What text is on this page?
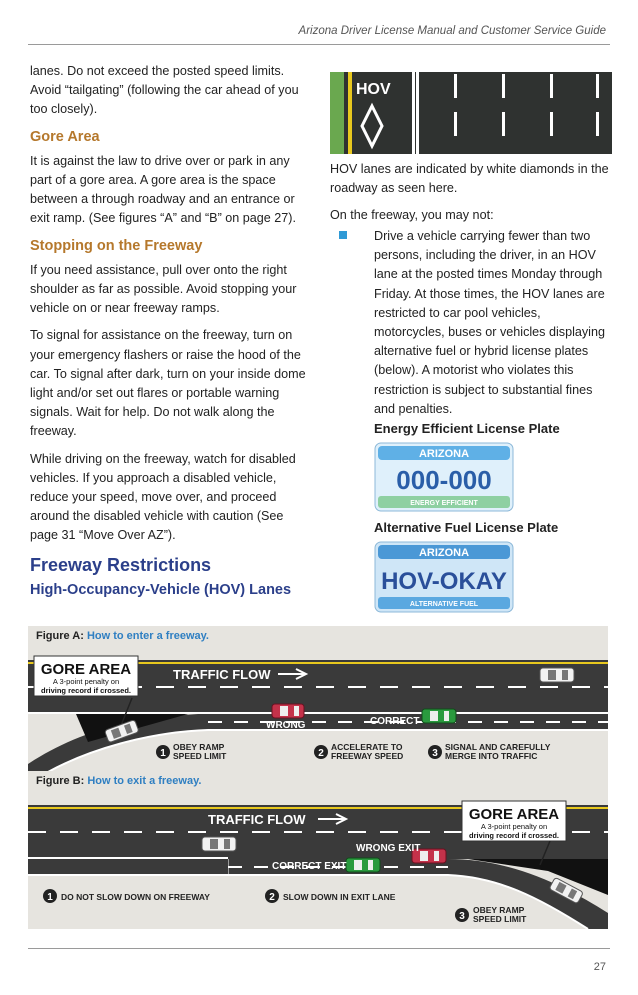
Arizona Driver License Manual and Customer Service Guide

lanes. Do not exceed the posted speed limits. Avoid “tailgating” (following the car ahead of you too closely).

Gore Area

It is against the law to drive over or park in any part of a gore area. A gore area is the space between a through roadway and an entrance or exit ramp. (See figures “A” and “B” on page 27).

Stopping on the Freeway

If you need assistance, pull over onto the right shoulder as far as possible. Avoid stopping your vehicle on or near freeway ramps.

To signal for assistance on the freeway, turn on your emergency flashers or raise the hood of the car. To signal after dark, turn on your inside dome light and/or set out flares or portable warning signals. Wait for help. Do not walk along the freeway.

While driving on the freeway, watch for disabled vehicles. If you approach a disabled vehicle, reduce your speed, move over, and proceed around the disabled vehicle with caution (See page 31 “Move Over AZ”).

Freeway Restrictions
High-Occupancy-Vehicle (HOV) Lanes
HOV

HOV lanes are indicated by white diamonds in the roadway as seen here.

On the freeway, you may not:

Drive a vehicle carrying fewer than two persons, including the driver, in an HOV lane at the posted times Monday through Friday. At those times, the HOV lanes are restricted to car pool vehicles, motorcycles, buses or vehicles displaying alternative fuel or hybrid license plates (below). A motorist who violates this restriction is subject to substantial fines and penalties.
Energy Efficient License Plate
ARIZONA
000-000
ENERGY EFFICIENT
Alternative Fuel License Plate
ARIZONA
HOV-OKAY
ALTERNATIVE FUEL
Figure A: How to enter a freeway.
GORE AREA
A 3-point penalty on
driving record if crossed.
TRAFFIC FLOW
WRONG	CORRECT
1
OBEY RAMP
SPEED LIMIT	2
ACCELERATE TO
FREEWAY SPEED	3
SIGNAL AND CAREFULLY
MERGE INTO TRAFFIC
Figure B: How to exit a freeway.
GORE AREA
A 3-point penalty on
driving record if crossed.
TRAFFIC FLOW
WRONG EXIT
CORRECT EXIT
1 DO NOT SLOW DOWN ON FREEWAY	2 SLOW DOWN IN EXIT LANE
3
OBEY RAMP
SPEED LIMIT
27
